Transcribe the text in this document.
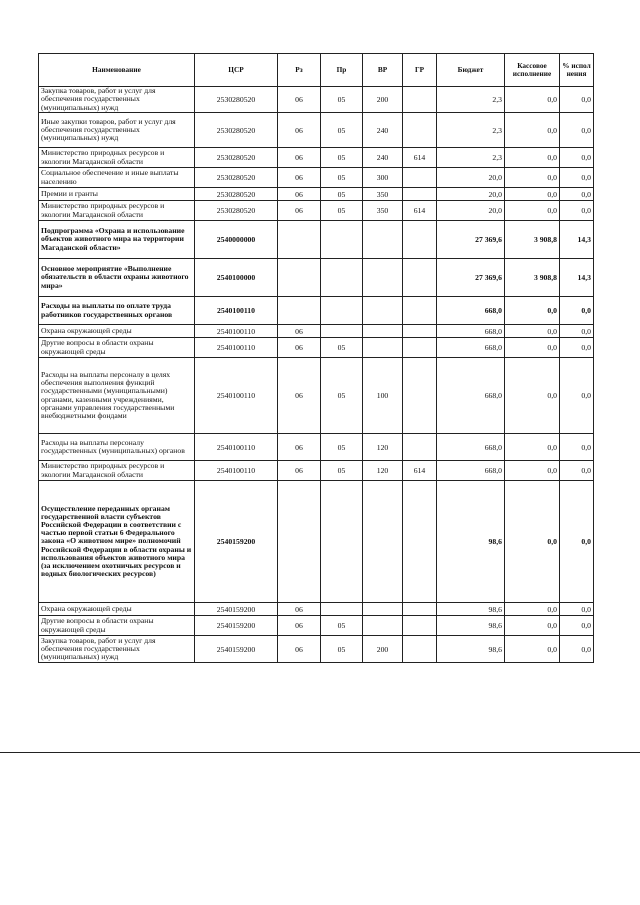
Наименование	ЦСР	Рз	Пр	ВР	ГР	Бюджет	Кассовое исполнение	% испол нения
Закупка товаров, работ и услуг для обеспечения государственных (муниципальных) нужд	2530280520	06	05	200		2,3	0,0	0,0
Иные закупки товаров, работ и услуг для обеспечения государственных (муниципальных) нужд	2530280520	06	05	240		2,3	0,0	0,0
Министерство природных ресурсов и экологии Магаданской области	2530280520	06	05	240	614	2,3	0,0	0,0
Социальное обеспечение и иные выплаты населению	2530280520	06	05	300		20,0	0,0	0,0
Премии и гранты	2530280520	06	05	350		20,0	0,0	0,0
Министерство природных ресурсов и экологии Магаданской области	2530280520	06	05	350	614	20,0	0,0	0,0
Подпрограмма «Охрана и использование объектов животного мира на территории Магаданской области»	2540000000					27 369,6	3 908,8	14,3
Основное мероприятие «Выполнение обязательств в области охраны животного мира»	2540100000					27 369,6	3 908,8	14,3
Расходы на выплаты по оплате труда работников государственных органов	2540100110					668,0	0,0	0,0
Охрана окружающей среды	2540100110	06				668,0	0,0	0,0
Другие вопросы в области охраны окружающей среды	2540100110	06	05			668,0	0,0	0,0
Расходы на выплаты персоналу в целях обеспечения выполнения функций государственными (муниципальными) органами, казенными учреждениями, органами управления государственными внебюджетными фондами	2540100110	06	05	100		668,0	0,0	0,0
Расходы на выплаты персоналу государственных (муниципальных) органов	2540100110	06	05	120		668,0	0,0	0,0
Министерство природных ресурсов и экологии Магаданской области	2540100110	06	05	120	614	668,0	0,0	0,0
Осуществление переданных органам государственной власти субъектов Российской Федерации в соответствии с частью первой статьи 6 Федерального закона «О животном мире» полномочий Российской Федерации в области охраны и использования объектов животного мира (за исключением охотничьих ресурсов и водных биологических ресурсов)	2540159200					98,6	0,0	0,0
Охрана окружающей среды	2540159200	06				98,6	0,0	0,0
Другие вопросы в области охраны окружающей среды	2540159200	06	05			98,6	0,0	0,0
Закупка товаров, работ и услуг для обеспечения государственных (муниципальных) нужд	2540159200	06	05	200		98,6	0,0	0,0
